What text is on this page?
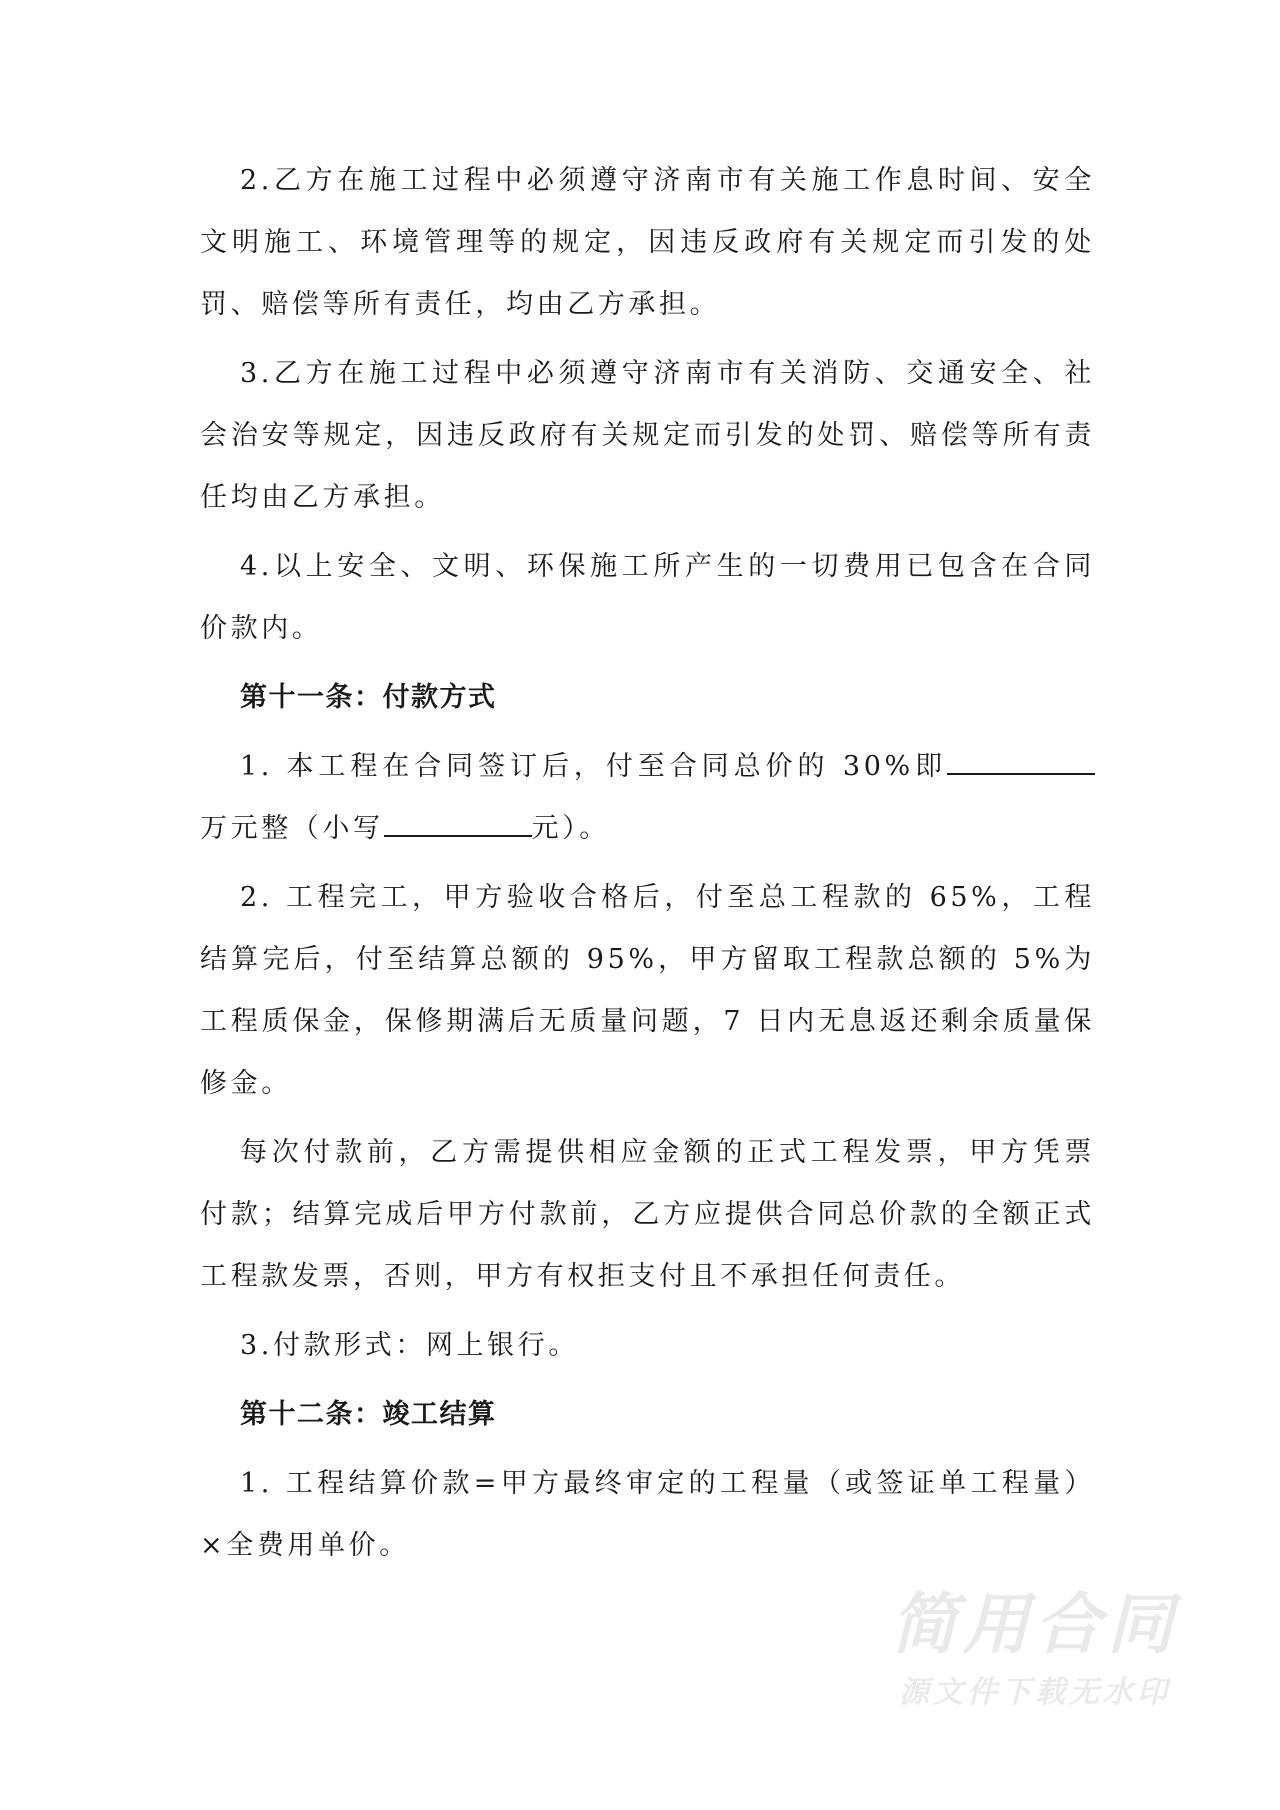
2.乙方在施工过程中必须遵守济南市有关施工作息时间、安全文明施工、环境管理等的规定，因违反政府有关规定而引发的处罚、赔偿等所有责任，均由乙方承担。

3.乙方在施工过程中必须遵守济南市有关消防、交通安全、社会治安等规定，因违反政府有关规定而引发的处罚、赔偿等所有责任均由乙方承担。

4.以上安全、文明、环保施工所产生的一切费用已包含在合同价款内。

第十一条：付款方式

1. 本工程在合同签订后，付至合同总价的 30%即万元整（小写	元）。

2. 工程完工，甲方验收合格后，付至总工程款的 65%，工程结算完后，付至结算总额的 95%，甲方留取工程款总额的 5%为工程质保金，保修期满后无质量问题，7 日内无息返还剩余质量保修金。

每次付款前，乙方需提供相应金额的正式工程发票，甲方凭票付款；结算完成后甲方付款前，乙方应提供合同总价款的全额正式工程款发票，否则，甲方有权拒支付且不承担任何责任。

3.付款形式：网上银行。

第十二条：竣工结算

1. 工程结算价款=甲方最终审定的工程量（或签证单工程量）×全费用单价。

简用合同
源文件下载无水印
